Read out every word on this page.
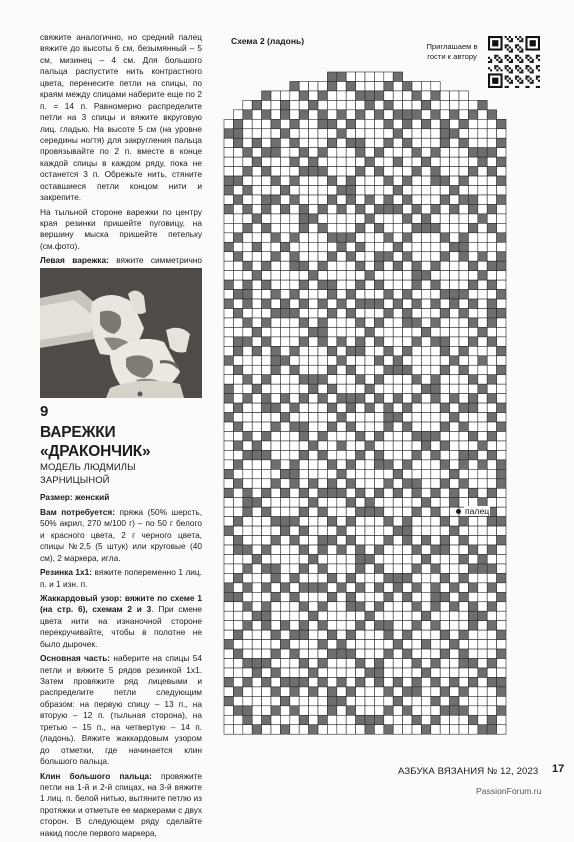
свяжите аналогично, но средний палец вяжите до высоты 6 см, безымянный – 5 см, мизинец – 4 см. Для большого пальца распустите нить контрастного цвета, перенесите петли на спицы, по краям между спицами наберите еще по 2 п. = 14 п. Равномерно распределите петли на 3 спицы и вяжите вкруговую лиц. гладью. На высоте 5 см (на уровне середины ногтя) для закругления пальца провязывайте по 2 п. вместе в конце каждой спицы в каждом ряду, пока не останется 3 п. Обрежьте нить, стяните оставшиеся петли концом нити и закрепите.

На тыльной стороне варежки по центру края резинки пришейте пуговицу, на вершину мыска пришейте петельку (см.фото).

Левая варежка: вяжите симметрично

9
ВАРЕЖКИ «ДРАКОНЧИК»
МОДЕЛЬ ЛЮДМИЛЫ ЗАРНИЦЫНОЙ

Размер: женский

Вам потребуется: пряжа (50% шерсть, 50% акрил, 270 м/100 г) – по 50 г белого и красного цвета, 2 г черного цвета, спицы №2,5 (5 штук) или круговые (40 см), 2 маркера, игла.

Резинка 1х1: вяжите попеременно 1 лиц. п. и 1 изн. п.

Жаккардовый узор: вяжите по схеме 1 (на стр. 6), схемам 2 и 3. При смене цвета нити на изнаночной стороне перекручивайте, чтобы в полотне не было дырочек.

Основная часть: наберите на спицы 54 петли и вяжите 5 рядов резинкой 1х1. Затем провяжите ряд лицевыми и распределите петли следующим образом: на первую спицу – 13 п., на вторую – 12 п. (тыльная сторона), на третью – 15 п., на четвертую – 14 п. (ладонь). Вяжите жаккардовым узором до отметки, где начинается клин большого пальца.

Клин большого пальца: провяжите петли на 1-й и 2-й спицах, на 3-й вяжите 1 лиц. п. белой нитью, вытяните петлю из протяжки и отметьте ее маркерами с двух сторон. В следующем ряду сделайте накид после первого маркера,

Схема 2 (ладонь)
Приглашаем в гости к автору
палец
АЗБУКА ВЯЗАНИЯ № 12, 2023 17
PassionForum.ru
